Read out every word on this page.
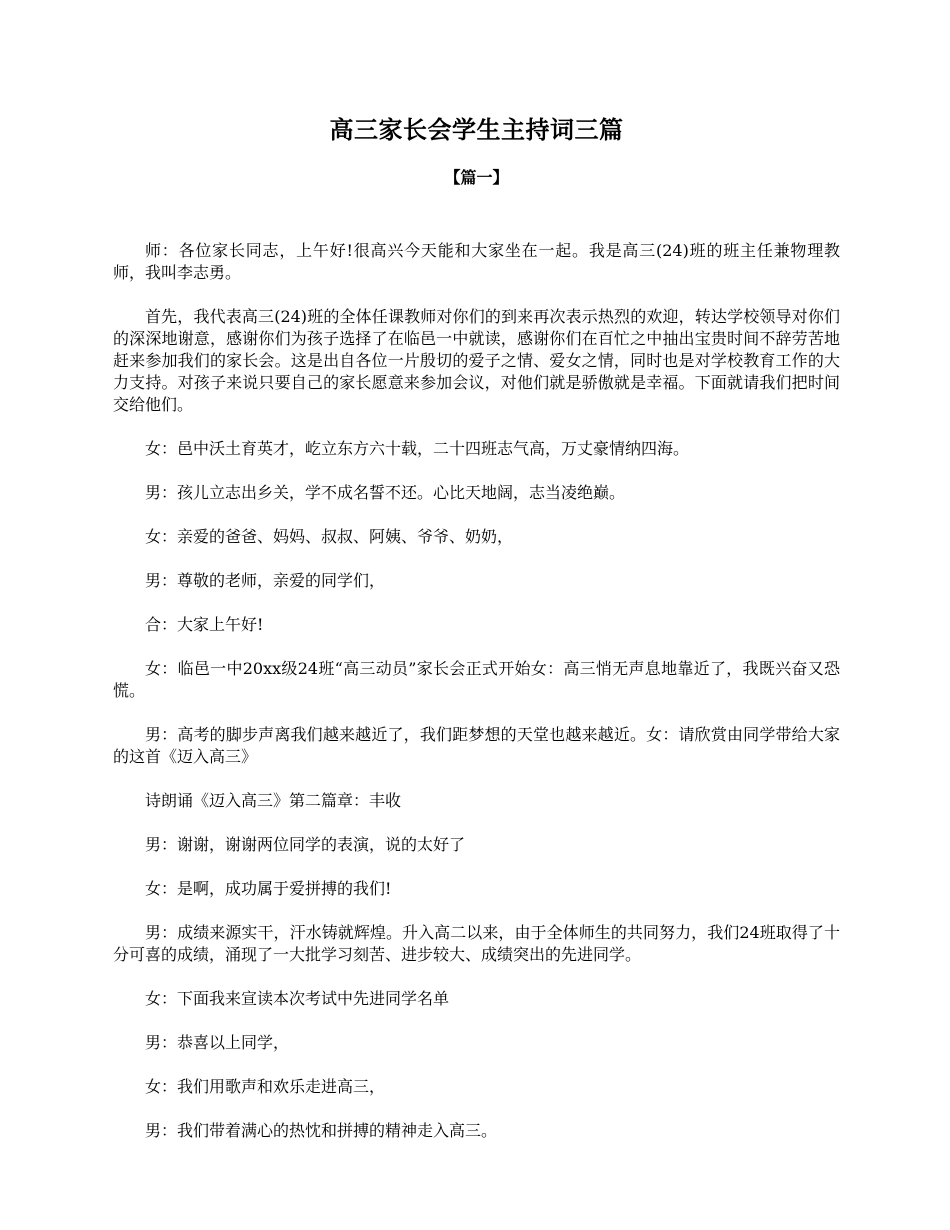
高三家长会学生主持词三篇
【篇一】

师：各位家长同志，上午好!很高兴今天能和大家坐在一起。我是高三(24)班的班主任兼物理教师，我叫李志勇。

首先，我代表高三(24)班的全体任课教师对你们的到来再次表示热烈的欢迎，转达学校领导对你们的深深地谢意，感谢你们为孩子选择了在临邑一中就读，感谢你们在百忙之中抽出宝贵时间不辞劳苦地赶来参加我们的家长会。这是出自各位一片殷切的爱子之情、爱女之情，同时也是对学校教育工作的大力支持。对孩子来说只要自己的家长愿意来参加会议，对他们就是骄傲就是幸福。下面就请我们把时间交给他们。

女：邑中沃土育英才，屹立东方六十载，二十四班志气高，万丈豪情纳四海。

男：孩儿立志出乡关，学不成名誓不还。心比天地阔，志当凌绝巅。

女：亲爱的爸爸、妈妈、叔叔、阿姨、爷爷、奶奶，

男：尊敬的老师，亲爱的同学们，

合：大家上午好!

女：临邑一中20xx级24班“高三动员”家长会正式开始女：高三悄无声息地靠近了，我既兴奋又恐慌。

男：高考的脚步声离我们越来越近了，我们距梦想的天堂也越来越近。女：请欣赏由同学带给大家的这首《迈入高三》

诗朗诵《迈入高三》第二篇章：丰收

男：谢谢，谢谢两位同学的表演，说的太好了

女：是啊，成功属于爱拼搏的我们!

男：成绩来源实干，汗水铸就辉煌。升入高二以来，由于全体师生的共同努力，我们24班取得了十分可喜的成绩，涌现了一大批学习刻苦、进步较大、成绩突出的先进同学。

女：下面我来宣读本次考试中先进同学名单

男：恭喜以上同学，

女：我们用歌声和欢乐走进高三，

男：我们带着满心的热忱和拼搏的精神走入高三。
